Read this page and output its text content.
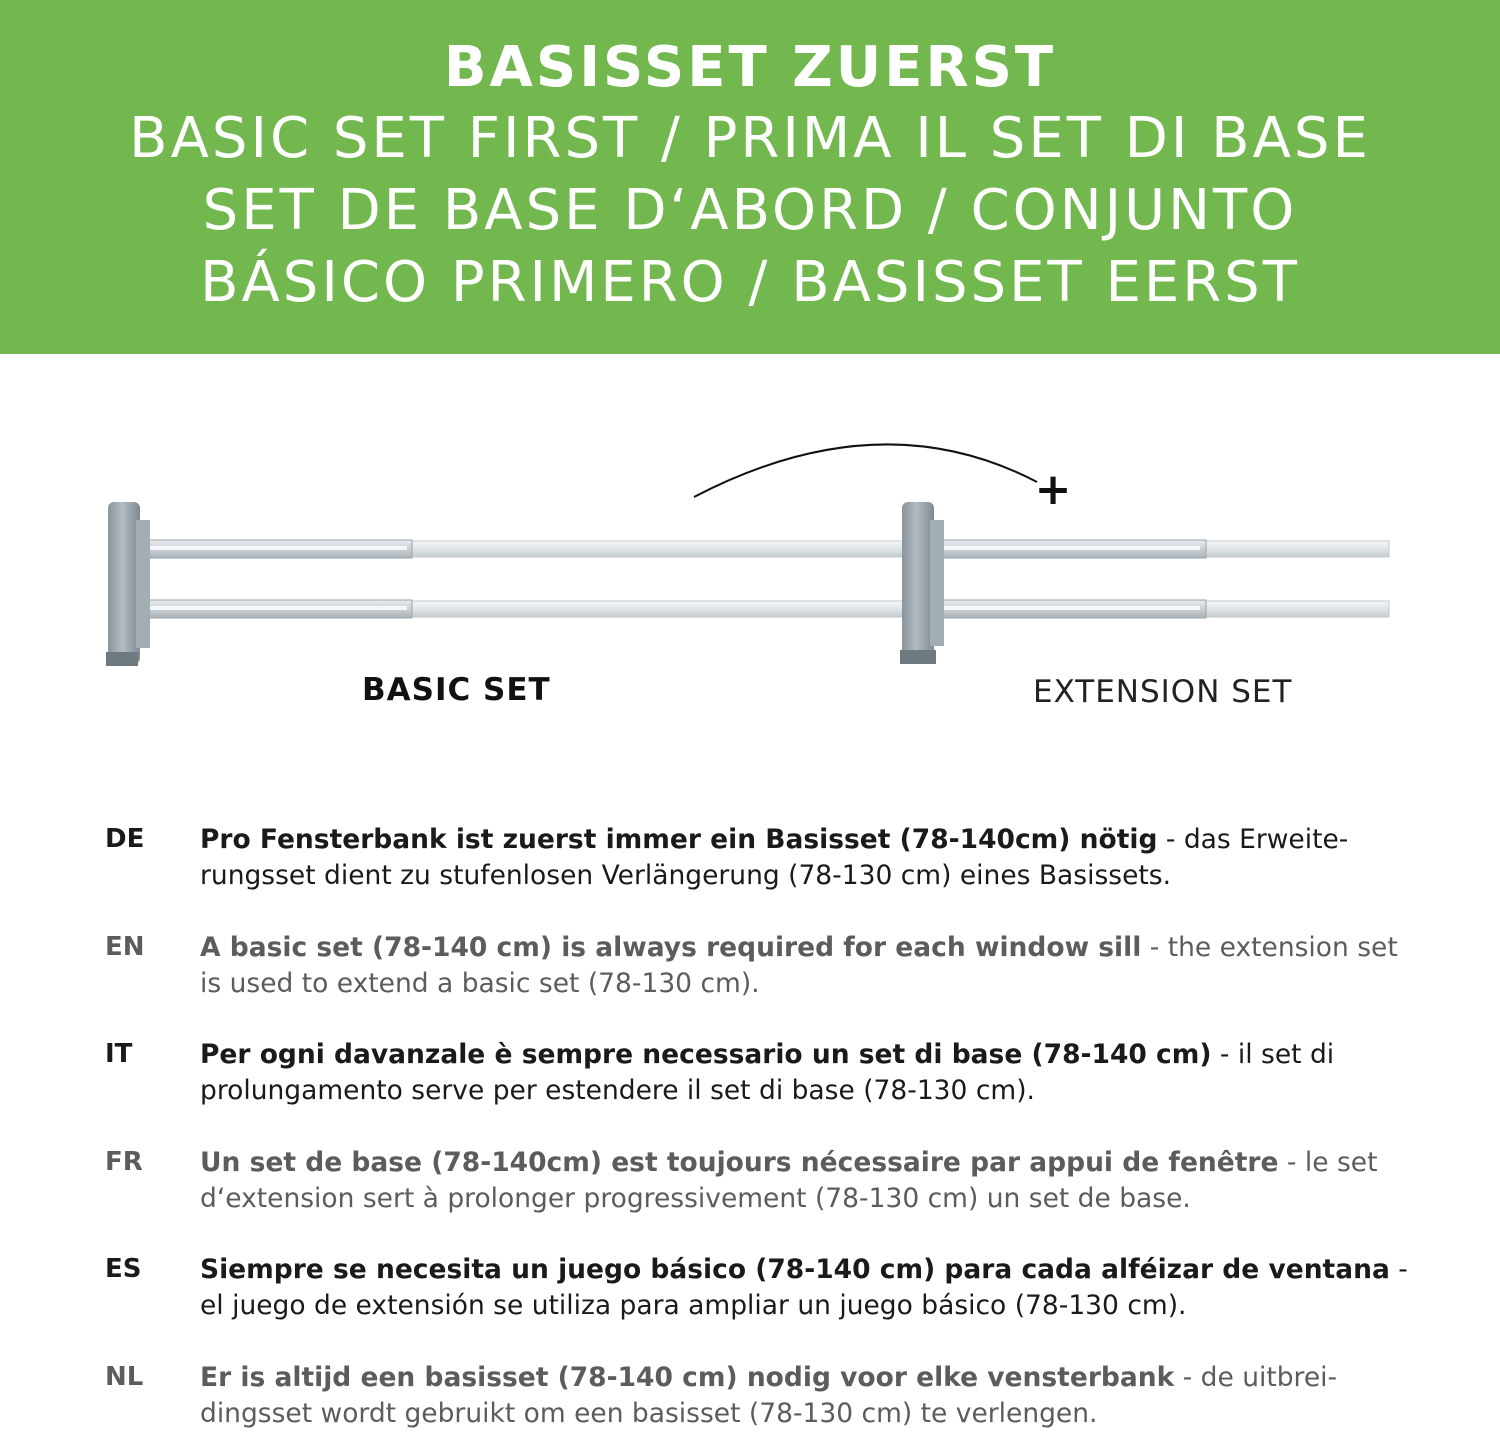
BASISSET ZUERST
BASIC SET FIRST / PRIMA IL SET DI BASE
SET DE BASE D‘ABORD / CONJUNTO
BÁSICO PRIMERO / BASISSET EERST
+
BASIC SET	EXTENSION SET
DE Pro Fensterbank ist zuerst immer ein Basisset (78-140cm) nötig - das Erweite-rungsset dient zu stufenlosen Verlängerung (78-130 cm) eines Basissets.
EN A basic set (78-140 cm) is always required for each window sill - the extension set is used to extend a basic set (78-130 cm).
IT	Per ogni davanzale è sempre necessario un set di base (78-140 cm) - il set di prolungamento serve per estendere il set di base (78-130 cm).
FR Un set de base (78-140cm) est toujours nécessaire par appui de fenêtre - le set d‘extension sert à prolonger progressivement (78-130 cm) un set de base.
ES Siempre se necesita un juego básico (78-140 cm) para cada alféizar de ventana - el juego de extensión se utiliza para ampliar un juego básico (78-130 cm).
NL Er is altijd een basisset (78-140 cm) nodig voor elke vensterbank - de uitbrei-dingsset wordt gebruikt om een basisset (78-130 cm) te verlengen.
